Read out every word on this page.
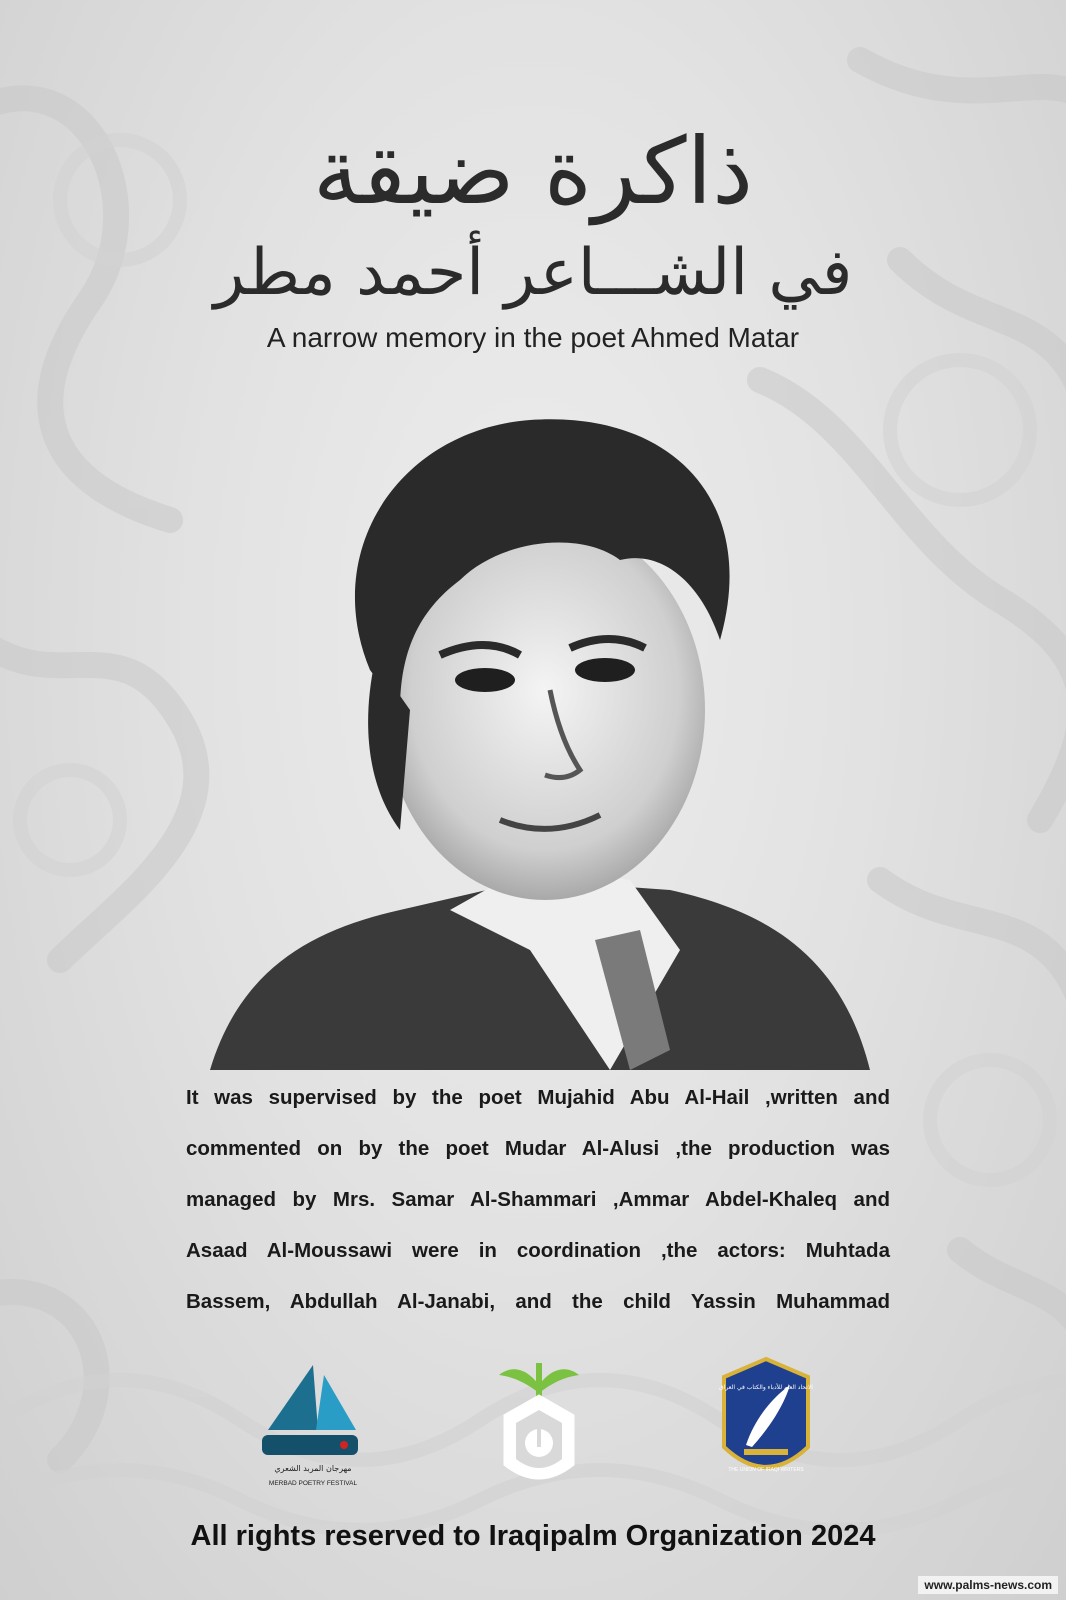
ذاكرة ضيقة
في الشـــاعر أحمد مطر
A narrow memory in the poet Ahmed Matar
It was supervised by the poet Mujahid Abu Al-Hail ,written and
commented on by the poet Mudar Al-Alusi ,the production was
managed by Mrs. Samar Al-Shammari ,Ammar Abdel-Khaleq and
Asaad Al-Moussawi were in coordination ,the actors: Muhtada
Bassem, Abdullah Al-Janabi, and the child Yassin Muhammad
مهرجان المربد الشعري
MERBAD POETRY FESTIVAL
الاتحاد العام للأدباء والكتاب في العراق
THE UNION OF IRAQI WRITERS
All rights reserved to Iraqipalm Organization 2024
www.palms-news.com
